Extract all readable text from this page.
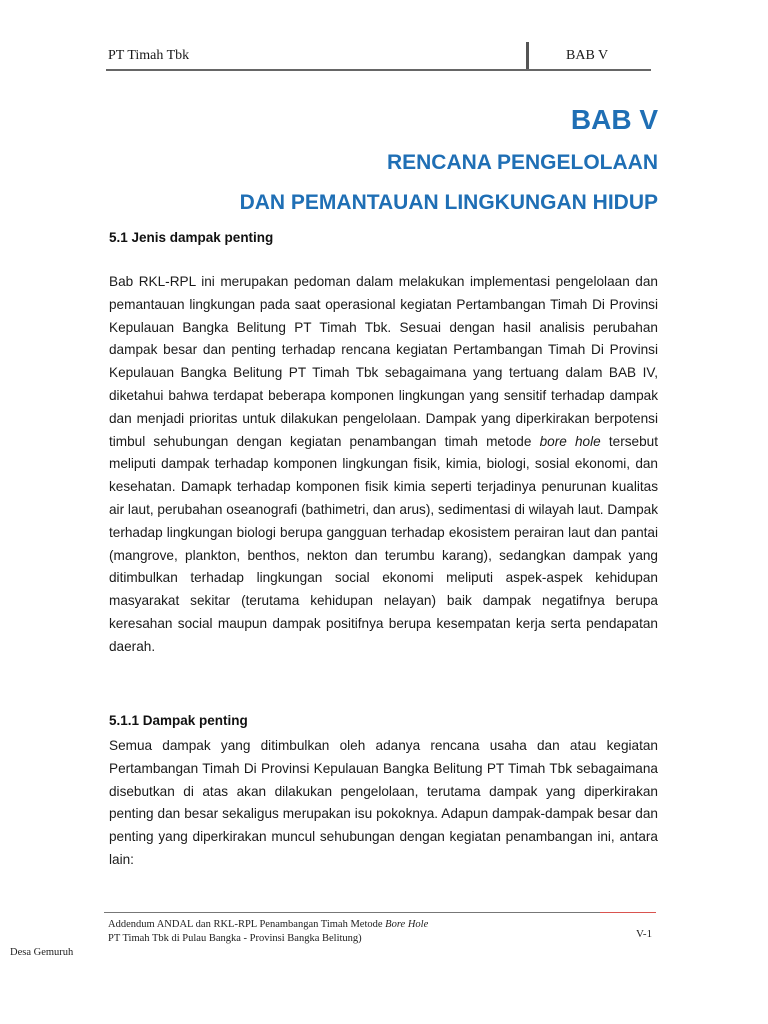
PT Timah Tbk	BAB V
BAB V
RENCANA PENGELOLAAN
DAN PEMANTAUAN LINGKUNGAN HIDUP
5.1 Jenis dampak penting
Bab RKL-RPL ini merupakan pedoman dalam melakukan implementasi pengelolaan dan pemantauan lingkungan pada saat operasional kegiatan Pertambangan Timah Di Provinsi Kepulauan Bangka Belitung PT Timah Tbk. Sesuai dengan hasil analisis perubahan dampak besar dan penting terhadap rencana kegiatan Pertambangan Timah Di Provinsi Kepulauan Bangka Belitung PT Timah Tbk sebagaimana yang tertuang dalam BAB IV, diketahui bahwa terdapat beberapa komponen lingkungan yang sensitif terhadap dampak dan menjadi prioritas untuk dilakukan pengelolaan. Dampak yang diperkirakan berpotensi timbul sehubungan dengan kegiatan penambangan timah metode bore hole tersebut meliputi dampak terhadap komponen lingkungan fisik, kimia, biologi, sosial ekonomi, dan kesehatan. Damapk terhadap komponen fisik kimia seperti terjadinya penurunan kualitas air laut, perubahan oseanografi (bathimetri, dan arus), sedimentasi di wilayah laut. Dampak terhadap lingkungan biologi berupa gangguan terhadap ekosistem perairan laut dan pantai (mangrove, plankton, benthos, nekton dan terumbu karang), sedangkan dampak yang ditimbulkan terhadap lingkungan social ekonomi meliputi aspek-aspek kehidupan masyarakat sekitar (terutama kehidupan nelayan) baik dampak negatifnya berupa keresahan social maupun dampak positifnya berupa kesempatan kerja serta pendapatan daerah.
5.1.1 Dampak penting
Semua dampak yang ditimbulkan oleh adanya rencana usaha dan atau kegiatan Pertambangan Timah Di Provinsi Kepulauan Bangka Belitung PT Timah Tbk sebagaimana disebutkan di atas akan dilakukan pengelolaan, terutama dampak yang diperkirakan penting dan besar sekaligus merupakan isu pokoknya. Adapun dampak-dampak besar dan penting yang diperkirakan muncul sehubungan dengan kegiatan penambangan ini, antara lain:
Addendum ANDAL dan RKL-RPL Penambangan Timah Metode Bore Hole
PT Timah Tbk di Pulau Bangka - Provinsi Bangka Belitung)	V-1
Desa Gemuruh
